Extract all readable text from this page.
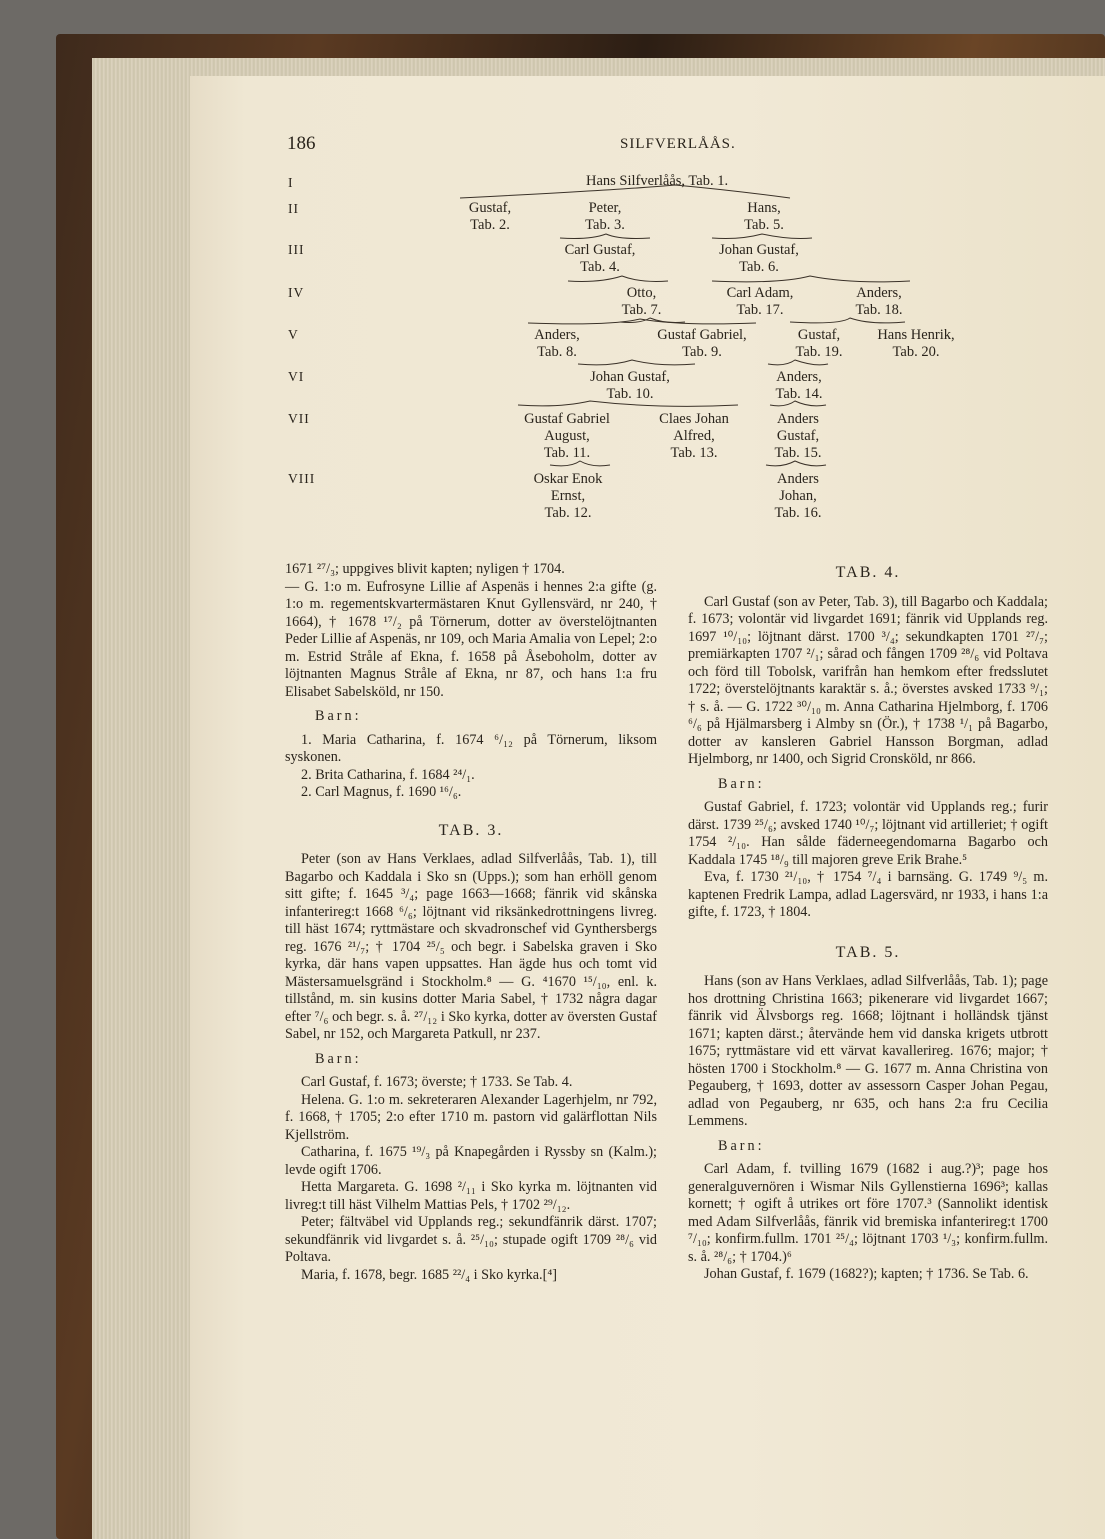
186	SILFVERLÅÅS.
I
II
III
IV
V
VI
VII
VIII
Hans Silfverlåås, Tab. 1.
Gustaf,
Tab. 2.
Peter,
Tab. 3.
Hans,
Tab. 5.
Carl Gustaf,
Tab. 4.
Johan Gustaf,
Tab. 6.
Otto,
Tab. 7.
Carl Adam,
Tab. 17.
Anders,
Tab. 18.
Anders,
Tab. 8.
Gustaf Gabriel,
Tab. 9.
Gustaf,
Tab. 19.
Hans Henrik,
Tab. 20.
Johan Gustaf,
Tab. 10.
Anders,
Tab. 14.
Gustaf Gabriel
August,
Tab. 11.
Claes Johan
Alfred,
Tab. 13.
Anders
Gustaf,
Tab. 15.
Oskar Enok
Ernst,
Tab. 12.
Anders
Johan,
Tab. 16.

1671 ²⁷/₃; uppgives blivit kapten; nyligen † 1704.

— G. 1:o m. Eufrosyne Lillie af Aspenäs i hennes 2:a gifte (g. 1:o m. regementskvartermästaren Knut Gyllensvärd, nr 240, † 1664), † 1678 ¹⁷/₂ på Törnerum, dotter av överstelöjtnanten Peder Lillie af Aspenäs, nr 109, och Maria Amalia von Lepel; 2:o m. Estrid Stråle af Ekna, f. 1658 på Åseboholm, dotter av löjtnanten Magnus Stråle af Ekna, nr 87, och hans 1:a fru Elisabet Sabelsköld, nr 150.

Barn:

1. Maria Catharina, f. 1674 ⁶/₁₂ på Törnerum, liksom syskonen.

2. Brita Catharina, f. 1684 ²⁴/₁.

2. Carl Magnus, f. 1690 ¹⁶/₆.

TAB. 3.

Peter (son av Hans Verklaes, adlad Silfverlåås, Tab. 1), till Bagarbo och Kaddala i Sko sn (Upps.); som han erhöll genom sitt gifte; f. 1645 ³/₄; page 1663—1668; fänrik vid skånska infanterireg:t 1668 ⁶/₆; löjtnant vid riksänkedrottningens livreg. till häst 1674; ryttmästare och skvadronschef vid Gynthersbergs reg. 1676 ²¹/₇; † 1704 ²⁵/₅ och begr. i Sabelska graven i Sko kyrka, där hans vapen uppsattes. Han ägde hus och tomt vid Mästersamuelsgränd i Stockholm.⁸ — G. ⁴1670 ¹⁵/₁₀, enl. k. tillstånd, m. sin kusins dotter Maria Sabel, † 1732 några dagar efter ⁷/₆ och begr. s. å. ²⁷/₁₂ i Sko kyrka, dotter av översten Gustaf Sabel, nr 152, och Margareta Patkull, nr 237.

Barn:

Carl Gustaf, f. 1673; överste; † 1733. Se Tab. 4.

Helena. G. 1:o m. sekreteraren Alexander Lagerhjelm, nr 792, f. 1668, † 1705; 2:o efter 1710 m. pastorn vid galärflottan Nils Kjellström.

Catharina, f. 1675 ¹⁹/₃ på Knapegården i Ryssby sn (Kalm.); levde ogift 1706.

Hetta Margareta. G. 1698 ²/₁₁ i Sko kyrka m. löjtnanten vid livreg:t till häst Vilhelm Mattias Pels, † 1702 ²⁹/₁₂.

Peter; fältväbel vid Upplands reg.; sekundfänrik därst. 1707; sekundfänrik vid livgardet s. å. ²⁵/₁₀; stupade ogift 1709 ²⁸/₆ vid Poltava.

Maria, f. 1678, begr. 1685 ²²/₄ i Sko kyrka.[⁴]

TAB. 4.

Carl Gustaf (son av Peter, Tab. 3), till Bagarbo och Kaddala; f. 1673; volontär vid livgardet 1691; fänrik vid Upplands reg. 1697 ¹⁰/₁₀; löjtnant därst. 1700 ³/₄; sekundkapten 1701 ²⁷/₇; premiärkapten 1707 ²/₁; sårad och fången 1709 ²⁸/₆ vid Poltava och förd till Tobolsk, varifrån han hemkom efter fredsslutet 1722; överstelöjtnants karaktär s. å.; överstes avsked 1733 ⁹/₁; † s. å. — G. 1722 ³⁰/₁₀ m. Anna Catharina Hjelmborg, f. 1706 ⁶/₆ på Hjälmarsberg i Almby sn (Ör.), † 1738 ¹/₁ på Bagarbo, dotter av kansleren Gabriel Hansson Borgman, adlad Hjelmborg, nr 1400, och Sigrid Cronsköld, nr 866.

Barn:

Gustaf Gabriel, f. 1723; volontär vid Upplands reg.; furir därst. 1739 ²⁵/₆; avsked 1740 ¹⁰/₇; löjtnant vid artilleriet; † ogift 1754 ²/₁₀. Han sålde fäderneegendomarna Bagarbo och Kaddala 1745 ¹⁸/₉ till majoren greve Erik Brahe.⁵

Eva, f. 1730 ²¹/₁₀, † 1754 ⁷/₄ i barnsäng. G. 1749 ⁹/₅ m. kaptenen Fredrik Lampa, adlad Lagersvärd, nr 1933, i hans 1:a gifte, f. 1723, † 1804.

TAB. 5.

Hans (son av Hans Verklaes, adlad Silfverlåås, Tab. 1); page hos drottning Christina 1663; pikenerare vid livgardet 1667; fänrik vid Älvsborgs reg. 1668; löjtnant i holländsk tjänst 1671; kapten därst.; återvände hem vid danska krigets utbrott 1675; ryttmästare vid ett värvat kavallerireg. 1676; major; † hösten 1700 i Stockholm.⁸ — G. 1677 m. Anna Christina von Pegauberg, † 1693, dotter av assessorn Casper Johan Pegau, adlad von Pegauberg, nr 635, och hans 2:a fru Cecilia Lemmens.

Barn:

Carl Adam, f. tvilling 1679 (1682 i aug.?)³; page hos generalguvernören i Wismar Nils Gyllenstierna 1696³; kallas kornett; † ogift å utrikes ort före 1707.³ (Sannolikt identisk med Adam Silfverlåås, fänrik vid bremiska infanterireg:t 1700 ⁷/₁₀; konfirm.fullm. 1701 ²⁵/₄; löjtnant 1703 ¹/₃; konfirm.fullm. s. å. ²⁸/₆; † 1704.)⁶

Johan Gustaf, f. 1679 (1682?); kapten; † 1736. Se Tab. 6.
